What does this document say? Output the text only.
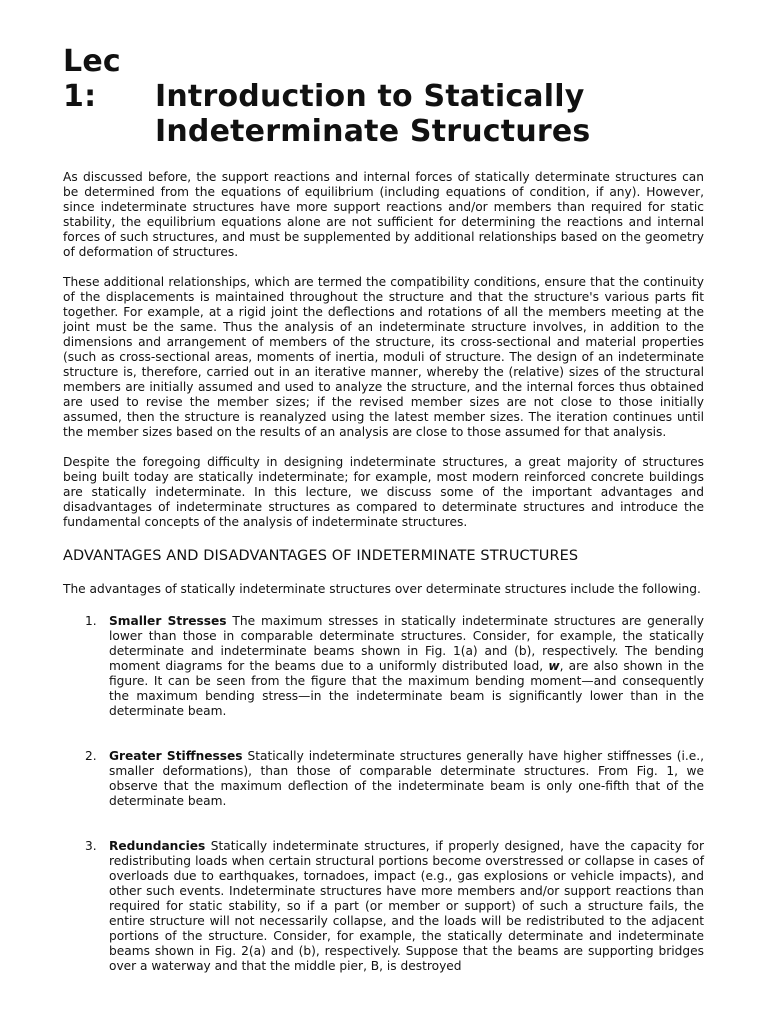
Lec 1: Introduction to Statically
Indeterminate Structures

As discussed before, the support reactions and internal forces of statically determinate structures can be determined from the equations of equilibrium (including equations of condition, if any). However, since indeterminate structures have more support reactions and/or members than required for static stability, the equilibrium equations alone are not sufficient for determining the reactions and internal forces of such structures, and must be supplemented by additional relationships based on the geometry of deformation of structures.

These additional relationships, which are termed the compatibility conditions, ensure that the continuity of the displacements is maintained throughout the structure and that the structure's various parts fit together. For example, at a rigid joint the deflections and rotations of all the members meeting at the joint must be the same. Thus the analysis of an indeterminate structure involves, in addition to the dimensions and arrangement of members of the structure, its cross-sectional and material properties (such as cross-sectional areas, moments of inertia, moduli of structure. The design of an indeterminate structure is, therefore, carried out in an iterative manner, whereby the (relative) sizes of the structural members are initially assumed and used to analyze the structure, and the internal forces thus obtained are used to revise the member sizes; if the revised member sizes are not close to those initially assumed, then the structure is reanalyzed using the latest member sizes. The iteration continues until the member sizes based on the results of an analysis are close to those assumed for that analysis.

Despite the foregoing difficulty in designing indeterminate structures, a great majority of structures being built today are statically indeterminate; for example, most modern reinforced concrete buildings are statically indeterminate. In this lecture, we discuss some of the important advantages and disadvantages of indeterminate structures as compared to determinate structures and introduce the fundamental concepts of the analysis of indeterminate structures.

ADVANTAGES AND DISADVANTAGES OF INDETERMINATE STRUCTURES

The advantages of statically indeterminate structures over determinate structures include the following.

1. Smaller Stresses The maximum stresses in statically indeterminate structures are generally lower than those in comparable determinate structures. Consider, for example, the statically determinate and indeterminate beams shown in Fig. 1(a) and (b), respectively. The bending moment diagrams for the beams due to a uniformly distributed load, w, are also shown in the figure. It can be seen from the figure that the maximum bending moment—and consequently the maximum bending stress—in the indeterminate beam is significantly lower than in the determinate beam.
2. Greater Stiffnesses Statically indeterminate structures generally have higher stiffnesses (i.e., smaller deformations), than those of comparable determinate structures. From Fig. 1, we observe that the maximum deflection of the indeterminate beam is only one-fifth that of the determinate beam.
3. Redundancies Statically indeterminate structures, if properly designed, have the capacity for redistributing loads when certain structural portions become overstressed or collapse in cases of overloads due to earthquakes, tornadoes, impact (e.g., gas explosions or vehicle impacts), and other such events. Indeterminate structures have more members and/or support reactions than required for static stability, so if a part (or member or support) of such a structure fails, the entire structure will not necessarily collapse, and the loads will be redistributed to the adjacent portions of the structure. Consider, for example, the statically determinate and indeterminate beams shown in Fig. 2(a) and (b), respectively. Suppose that the beams are supporting bridges over a waterway and that the middle pier, B, is destroyed
